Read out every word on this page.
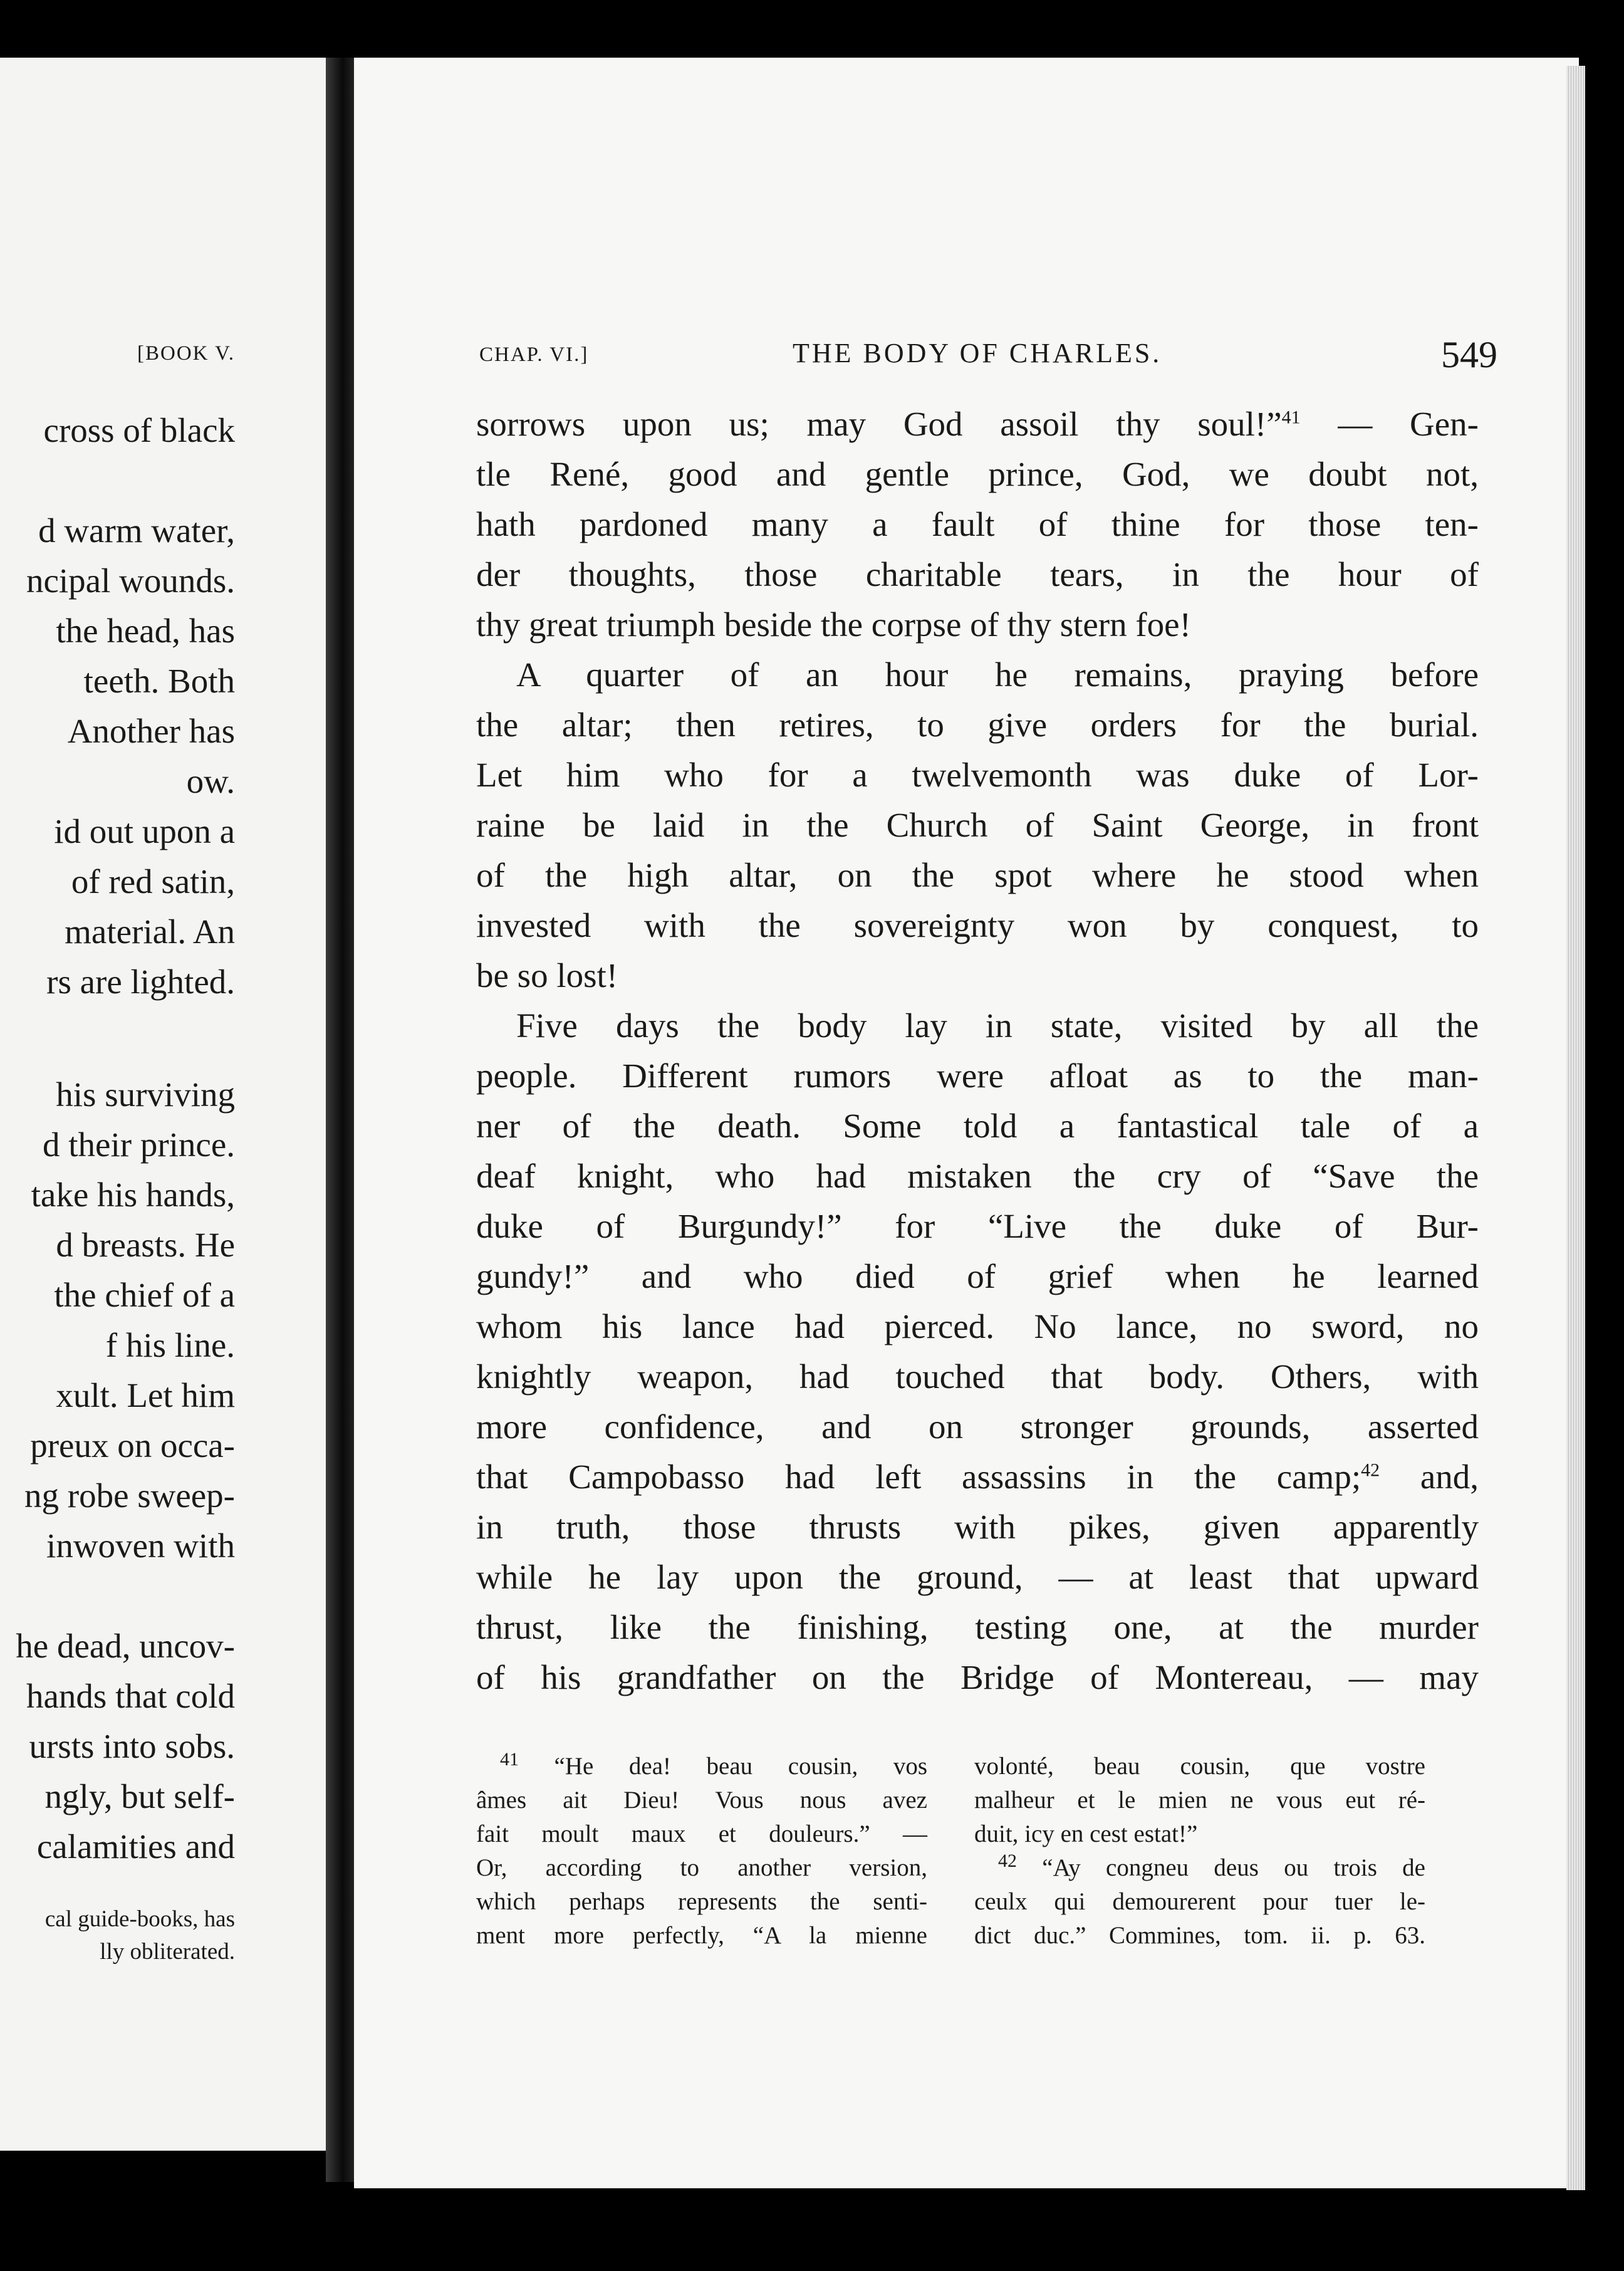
[BOOK V.
cross of black
d warm water,
ncipal wounds.
the head, has
teeth. Both
Another has
ow.
id out upon a
of red satin,
material. An
rs are lighted.
his surviving
d their prince.
take his hands,
d breasts. He
the chief of a
f his line.
xult. Let him
preux on occa-
ng robe sweep-
inwoven with
he dead, uncov-
hands that cold
ursts into sobs.
ngly, but self-
calamities and
cal guide-books, has
lly obliterated.
CHAP. VI.]	THE BODY OF CHARLES.	549
sorrows upon us; may God assoil thy soul!”$^{41}$ — Gen-
tle René, good and gentle prince, God, we doubt not,
hath pardoned many a fault of thine for those ten-
der thoughts, those charitable tears, in the hour of
thy great triumph beside the corpse of thy stern foe!
A quarter of an hour he remains, praying before
the altar; then retires, to give orders for the burial.
Let him who for a twelvemonth was duke of Lor-
raine be laid in the Church of Saint George, in front
of the high altar, on the spot where he stood when
invested with the sovereignty won by conquest, to
be so lost!
Five days the body lay in state, visited by all the
people. Different rumors were afloat as to the man-
ner of the death. Some told a fantastical tale of a
deaf knight, who had mistaken the cry of “Save the
duke of Burgundy!” for “Live the duke of Bur-
gundy!” and who died of grief when he learned
whom his lance had pierced. No lance, no sword, no
knightly weapon, had touched that body. Others, with
more confidence, and on stronger grounds, asserted
that Campobasso had left assassins in the camp;$^{42}$ and,
in truth, those thrusts with pikes, given apparently
while he lay upon the ground, — at least that upward
thrust, like the finishing, testing one, at the murder
of his grandfather on the Bridge of Montereau, — may
$^{41}$ “He dea! beau cousin, vos
âmes ait Dieu! Vous nous avez
fait moult maux et douleurs.” —
Or, according to another version,
which perhaps represents the senti-
ment more perfectly, “A la mienne
volonté, beau cousin, que vostre
malheur et le mien ne vous eut ré-
duit, icy en cest estat!”
$^{42}$ “Ay congneu deus ou trois de
ceulx qui demourerent pour tuer le-
dict duc.” Commines, tom. ii. p. 63.
